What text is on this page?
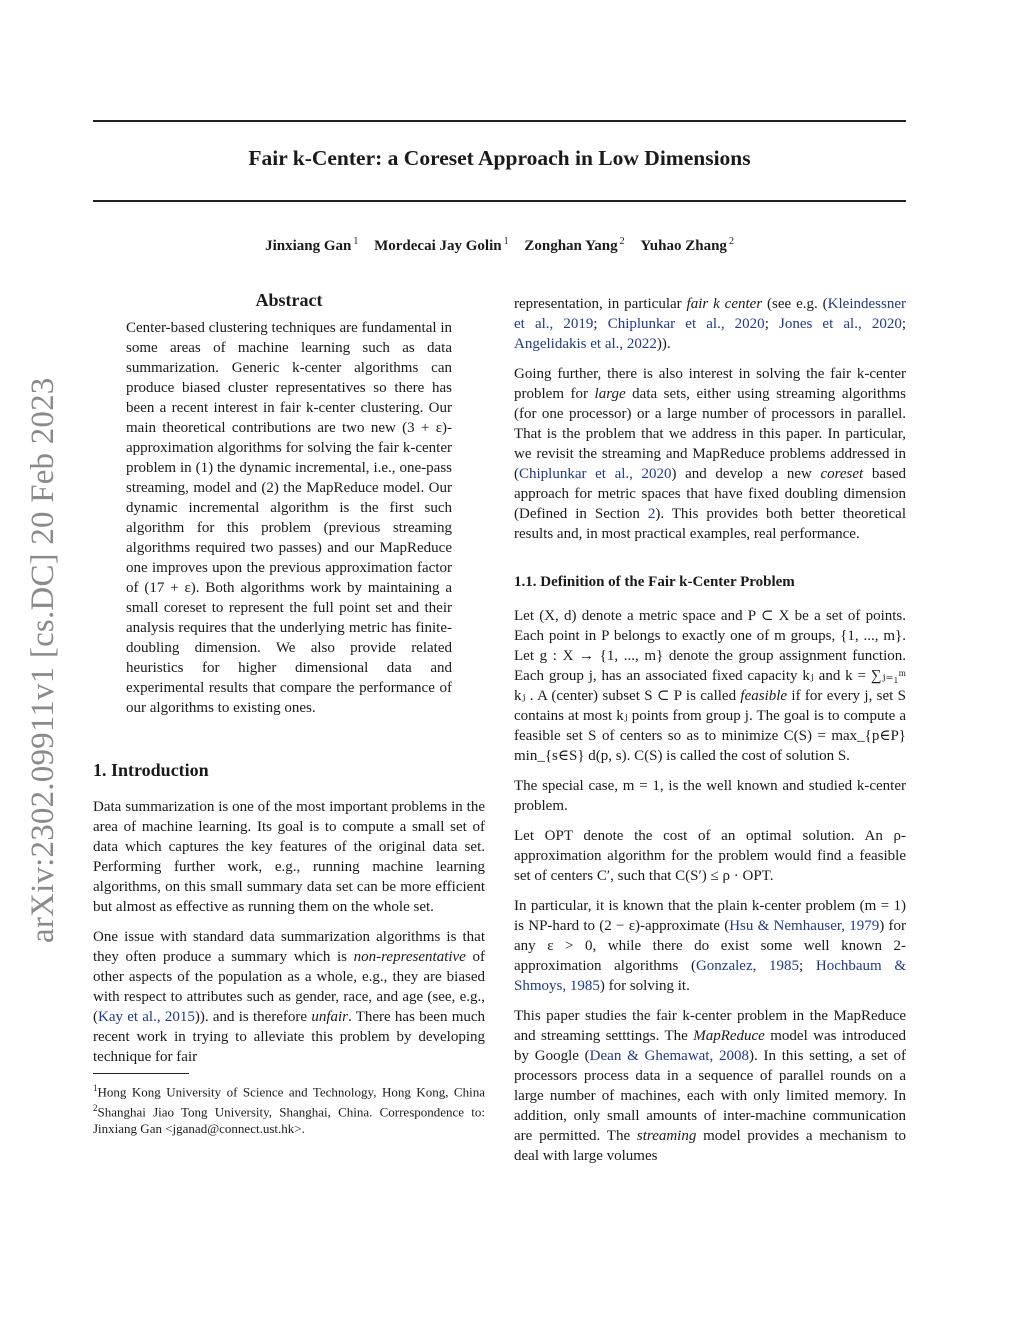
Fair k-Center: a Coreset Approach in Low Dimensions
Jinxiang Gan $^1$ Mordecai Jay Golin $^1$ Zonghan Yang $^2$ Yuhao Zhang $^2$
arXiv:2302.09911v1 [cs.DC] 20 Feb 2023
Abstract

Center-based clustering techniques are fundamental in some areas of machine learning such as data summarization. Generic k-center algorithms can produce biased cluster representatives so there has been a recent interest in fair k-center clustering. Our main theoretical contributions are two new (3 + ε)-approximation algorithms for solving the fair k-center problem in (1) the dynamic incremental, i.e., one-pass streaming, model and (2) the MapReduce model. Our dynamic incremental algorithm is the first such algorithm for this problem (previous streaming algorithms required two passes) and our MapReduce one improves upon the previous approximation factor of (17 + ε). Both algorithms work by maintaining a small coreset to represent the full point set and their analysis requires that the underlying metric has finite-doubling dimension. We also provide related heuristics for higher dimensional data and experimental results that compare the performance of our algorithms to existing ones.

1. Introduction

Data summarization is one of the most important problems in the area of machine learning. Its goal is to compute a small set of data which captures the key features of the original data set. Performing further work, e.g., running machine learning algorithms, on this small summary data set can be more efficient but almost as effective as running them on the whole set.

One issue with standard data summarization algorithms is that they often produce a summary which is non-representative of other aspects of the population as a whole, e.g., they are biased with respect to attributes such as gender, race, and age (see, e.g., (Kay et al., 2015)). and is therefore unfair. There has been much recent work in trying to alleviate this problem by developing technique for fair

$^1$Hong Kong University of Science and Technology, Hong Kong, China $^2$Shanghai Jiao Tong University, Shanghai, China. Correspondence to: Jinxiang Gan <jganad@connect.ust.hk>.

representation, in particular fair k center (see e.g. (Kleindessner et al., 2019; Chiplunkar et al., 2020; Jones et al., 2020; Angelidakis et al., 2022)).

Going further, there is also interest in solving the fair k-center problem for large data sets, either using streaming algorithms (for one processor) or a large number of processors in parallel. That is the problem that we address in this paper. In particular, we revisit the streaming and MapReduce problems addressed in (Chiplunkar et al., 2020) and develop a new coreset based approach for metric spaces that have fixed doubling dimension (Defined in Section 2). This provides both better theoretical results and, in most practical examples, real performance.

1.1. Definition of the Fair k-Center Problem

Let (X, d) denote a metric space and P ⊂ X be a set of points. Each point in P belongs to exactly one of m groups, {1, ..., m}. Let g : X → {1, ..., m} denote the group assignment function. Each group j, has an associated fixed capacity kⱼ and k = ∑ⱼ₌₁ᵐ kⱼ . A (center) subset S ⊂ P is called feasible if for every j, set S contains at most kⱼ points from group j. The goal is to compute a feasible set S of centers so as to minimize C(S) = max_{p∈P} min_{s∈S} d(p, s). C(S) is called the cost of solution S.

The special case, m = 1, is the well known and studied k-center problem.

Let OPT denote the cost of an optimal solution. An ρ-approximation algorithm for the problem would find a feasible set of centers C′, such that C(S′) ≤ ρ · OPT.

In particular, it is known that the plain k-center problem (m = 1) is NP-hard to (2 − ε)-approximate (Hsu & Nemhauser, 1979) for any ε > 0, while there do exist some well known 2-approximation algorithms (Gonzalez, 1985; Hochbaum & Shmoys, 1985) for solving it.

This paper studies the fair k-center problem in the MapReduce and streaming setttings. The MapReduce model was introduced by Google (Dean & Ghemawat, 2008). In this setting, a set of processors process data in a sequence of parallel rounds on a large number of machines, each with only limited memory. In addition, only small amounts of inter-machine communication are permitted. The streaming model provides a mechanism to deal with large volumes
